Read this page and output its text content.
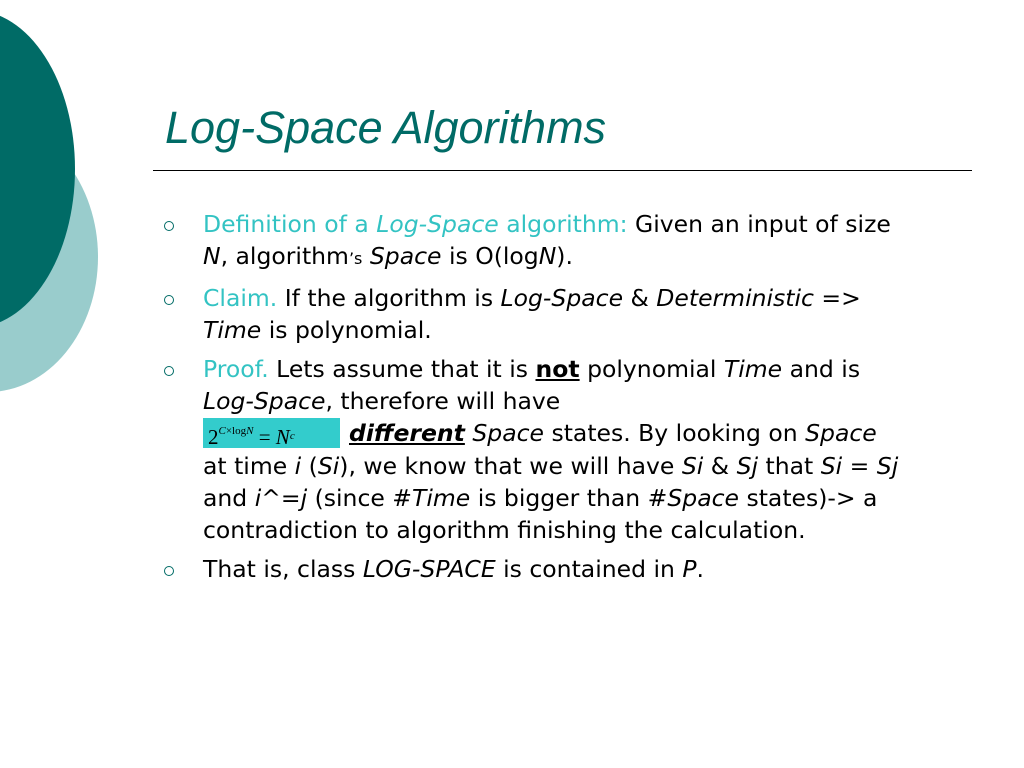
Log-Space Algorithms
Definition of a Log-Space algorithm: Given an input of size N, algorithm’s Space is O(logN).
Claim. If the algorithm is Log-Space & Deterministic => Time is polynomial.
Proof. Lets assume that it is not polynomial Time and is Log-Space, therefore will have
$2^{C\times logN} = N^c$ different Space states. By looking on Space at time i (Si), we know that we will have Si & Sj that Si = Sj and i^=j (since #Time is bigger than #Space states)-> a contradiction to algorithm finishing the calculation.
That is, class LOG-SPACE is contained in P.
